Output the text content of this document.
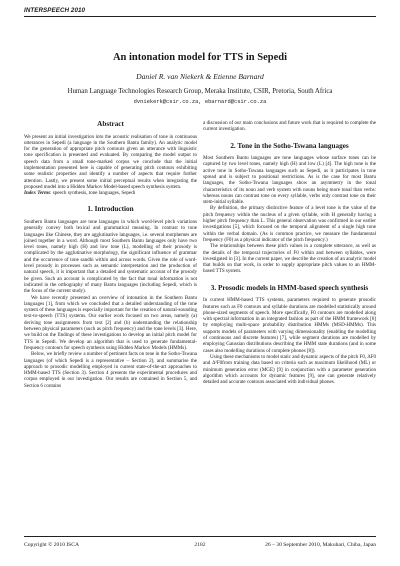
INTERSPEECH 2010
An intonation model for TTS in Sepedi
Daniel R. van Niekerk & Etienne Barnard
Human Language Technologies Research Group, Meraka Institute, CSIR, Pretoria, South Africa
dvniekerk@csir.co.za, ebarnard@csir.co.za
Abstract

We present an initial investigation into the acoustic realisation of tone in continuous utterances in Sepedi (a language in the Southern Bantu family). An analytic model for the generation of appropriate pitch contours given an utterance with linguistic tone specification is presented and evaluated. By comparing the model output to speech data from a small tone-marked corpus we conclude that the initial implementation presented here is capable of generating pitch contours exhibiting some realistic properties and identify a number of aspects that require further attention. Lastly, we present some initial perceptual results when integrating the proposed model into a Hidden Markov Model-based speech synthesis system.

Index Terms: speech synthesis, tone languages, Sepedi

1. Introduction

Southern Bantu languages are tone languages in which word-level pitch variations generally convey both lexical and grammatical meaning. In contrast to tone languages like Chinese, they are agglutinative languages, i.e. several morphemes are joined together in a word. Although most Southern Bantu languages only have two level tones, namely high (H) and low tone (L), modelling of their prosody is complicated by the agglutinative morphology, the significant influence of grammar and the occurrence of tone sandhi within and across words. Given the role of word-level prosody in processes such as semantic interpretation and the production of natural speech, it is important that a detailed and systematic account of the prosody be given. Such an account is complicated by the fact that tonal information is not indicated in the orthography of many Bantu languages (including Sepedi, which is the focus of the current study).

We have recently presented an overview of intonation in the Southern Bantu languages [1], from which we concluded that a detailed understanding of the tone system of these languages is especially important for the creation of natural-sounding text-to-speech (TTS) systems. Our earlier work focused on two areas, namely (a) deriving tone assignments from text [2] and (b) understanding the relationship between physical parameters (such as pitch frequency) and the tone levels [3]. Here, we build on the findings of these investigations to develop an initial pitch model for TTS in Sepedi. We develop an algorithm that is used to generate fundamental-frequency contours for speech synthesis using Hidden Markov Models (HMMs).

Below, we briefly review a number of pertinent facts on tone in the Sotho-Tswana languages (of which Sepedi is a representative – Section 2), and summarise the approach to prosodic modelling employed in current state-of-the-art approaches to HMM-based TTS (Section 3). Section 4 presents the experimental procedures and corpus employed in our investigation. Our results are contained in Section 5, and Section 6 contains

a discussion of our main conclusions and future work that is required to complete the current investigation.

2. Tone in the Sotho-Tswana languages

Most Southern Bantu languages are tone languages whose surface tones can be captured by two level tones, namely high (H) and low (L) [4]. The high tone is the active tone in Sotho-Tswana languages such as Sepedi, as it participates in tone spread and is subject to positional restrictions. As is the case for most Bantu languages, the Sotho-Tswana languages show an asymmetry in the tonal characteristics of its noun and verb system with nouns being more tonal than verbs: whereas nouns can contrast tone on every syllable, verbs only contrast tone on their stem-initial syllable.

By definition, the primary distinctive feature of a level tone is the value of the pitch frequency within the nucleus of a given syllable, with H generally having a higher pitch frequency than L. This general observation was confirmed in our earlier investigations [5], which focused on the temporal alignment of a single high tone within the verbal domain. (As is common practice, we measure the fundamental frequency (F0) as a physical indicator of the pitch frequency.)

The relationships between these pitch values in a complete utterance, as well as the details of the temporal trajectories of F0 within and between syllables, were investigated in [3]. In the current paper, we describe the creation of an analytic model that builds on that work, in order to supply appropriate pitch values to an HMM-based TTS system.

3. Prosodic models in HMM-based speech synthesis

In current HMM-based TTS systems, parameters required to generate prosodic features such as F0 contours and syllable durations are modelled statistically around phone-sized segments of speech. More specifically, F0 contours are modelled along with spectral information in an integrated fashion as part of the HMM framework [6] by employing multi-space probability distribution HMMs (MSD-HMMs). This supports models of parameters with varying dimensionality (enabling the modelling of continuous and discrete features) [7], while segment durations are modelled by employing Gaussian distributions describing the HMM state durations (and in some cases also modelling durations of complete phones [8]).

Using these mechanisms to model static and dynamic aspects of the pitch F0, ΔF0 and Δ²F0from training data based on criteria such as maximum likelihood (ML) or minimum generation error (MGE) [9] in conjunction with a parameter generation algorithm which accounts for dynamic features [9], one can generate relatively detailed and accurate contours associated with individual phones.

Copyright © 2010 ISCA	2182	26 – 30 September 2010, Makuhari, Chiba, Japan
